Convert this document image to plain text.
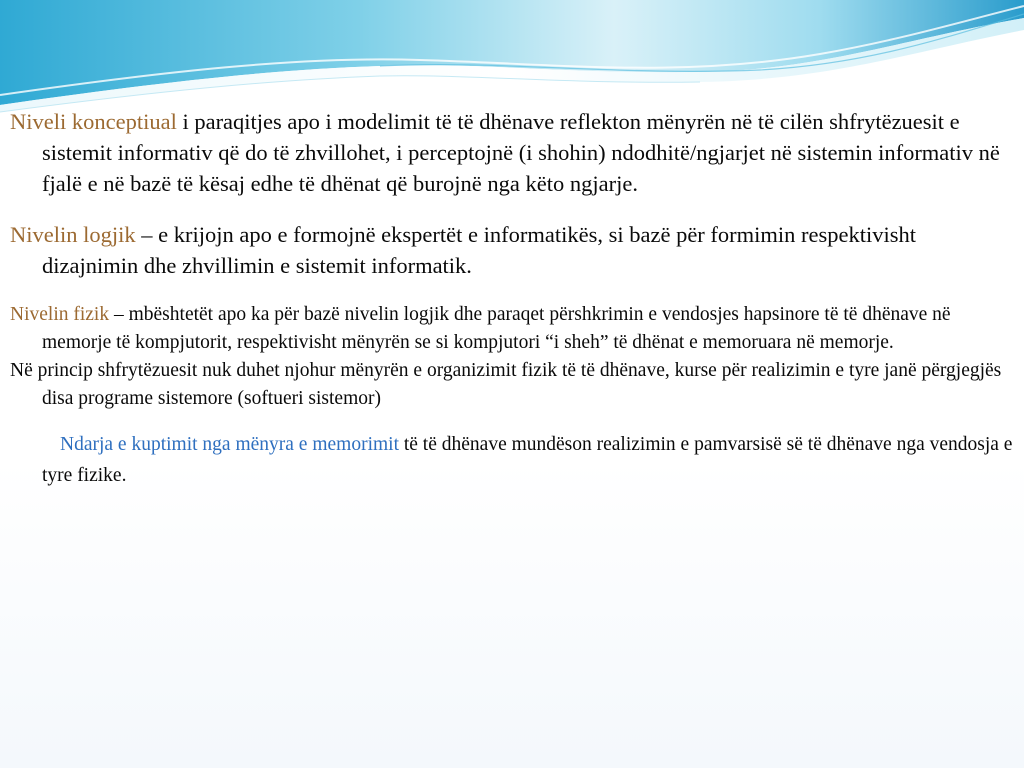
Niveli konceptiual i paraqitjes apo i modelimit të të dhënave reflekton mënyrën në të cilën shfrytëzuesit e sistemit informativ që do të zhvillohet, i perceptojnë (i shohin) ndodhitë/ngjarjet në sistemin informativ në fjalë e në bazë të kësaj edhe të dhënat që burojnë nga këto ngjarje.

Nivelin logjik – e krijojn apo e formojnë ekspertët e informatikës, si bazë për formimin respektivisht dizajnimin dhe zhvillimin e sistemit informatik.

Nivelin fizik – mbështetët apo ka për bazë nivelin logjik dhe paraqet përshkrimin e vendosjes hapsinore të të dhënave në memorje të kompjutorit, respektivisht mënyrën se si kompjutori “i sheh” të dhënat e memoruara në memorje.

Në princip shfrytëzuesit nuk duhet njohur mënyrën e organizimit fizik të të dhënave, kurse për realizimin e tyre janë përgjegjës disa programe sistemore (softueri sistemor)

Ndarja e kuptimit nga mënyra e memorimit të të dhënave mundëson realizimin e pamvarsisë së të dhënave nga vendosja e tyre fizike.
